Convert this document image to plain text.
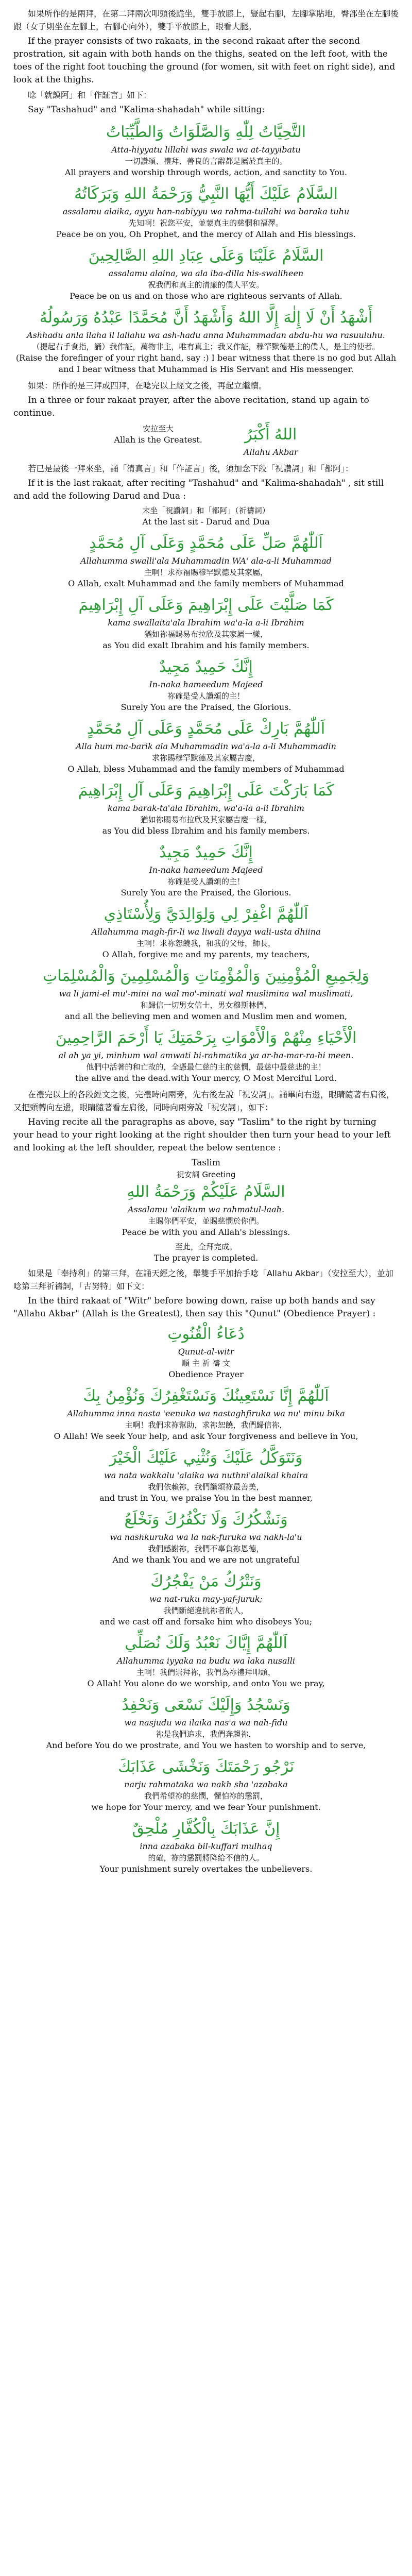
如果所作的是兩拜，在第二拜兩次叩頭後跪坐，雙手放膝上，豎起右腳，左腳掌貼地，臀部坐在左腳後跟（女子則坐在左腳上，右腳心向外），雙手平放膝上，眼看大腿。

If the prayer consists of two rakaats, in the second rakaat after the second prostration, sit again with both hands on the thighs, seated on the left foot, with the toes of the right foot touching the ground (for women, sit with feet on right side), and look at the thighs.

唸「就謨阿」和「作証言」如下：

Say "Tashahud" and "Kalima-shahadah" while sitting:

التَّحِيَّاتُ لِلّٰهِ وَالصَّلَوَاتُ وَالطَّيِّبَاتُ

Atta-hiyyatu lillahi was swala wa at-tayyibatu

一切讚頌、禮拜、善良的言辭都是屬於真主的。

All prayers and worship through words, action, and sanctity to You.

السَّلَامُ عَلَيْكَ أَيُّهَا النَّبِيُّ وَرَحْمَةُ اللهِ وَبَرَكَاتُهُ

assalamu alaika, ayyu han-nabiyyu wa rahma-tullahi wa baraka tuhu

先知啊！祝您平安，並蒙真主的慈憫和福澤。

Peace be on you, Oh Prophet, and the mercy of Allah and His blessings.

السَّلَامُ عَلَيْنَا وَعَلَى عِبَادِ اللهِ الصَّالِحِينَ

assalamu alaina, wa ala iba-dilla his-swaliheen

祝我們和真主的清廉的僕人平安。

Peace be on us and on those who are righteous servants of Allah.

أَشْهَدُ أَنْ لَا إِلٰهَ إِلَّا اللهُ وَأَشْهَدُ أَنَّ مُحَمَّدًا عَبْدُهُ وَرَسُولُهُ

Ashhadu anla ilaha il lallahu wa ash-hadu anna Muhammadan abdu-hu wa rasuuluhu.

（提起右手食指，誦）我作証，萬物非主，唯有真主；我又作証，穆罕默德是主的僕人，是主的使者。

(Raise the forefinger of your right hand, say :) I bear witness that there is no god but Allah and I bear witness that Muhammad is His Servant and His messenger.

如果：所作的是三拜或四拜，在唸完以上經文之後，再起立繼續。

In a three or four rakaat prayer, after the above recitation, stand up again to continue.

安拉至大

Allah is the Greatest.	اللهُ أَكْبَرُ

Allahu Akbar

若已是最後一拜來坐，誦「清真言」和「作証言」後，須加念下段「祝讚詞」和「都阿」：

If it is the last rakaat, after reciting "Tashahud" and "Kalima-shahadah" , sit still and add the following Darud and Dua :

末坐「祝讚詞」和「都阿」（祈禱詞）

At the last sit - Darud and Dua

اَللّٰهُمَّ صَلِّ عَلَى مُحَمَّدٍ وَعَلَى آلِ مُحَمَّدٍ

Allahumma swalli'ala Muhammadin WA' ala-a-li Muhammad

主啊！求祢福賜穆罕默德及其家屬，

O Allah, exalt Muhammad and the family members of Muhammad

كَمَا صَلَّيْتَ عَلَى إِبْرَاهِيمَ وَعَلَى آلِ إِبْرَاهِيمَ

kama swallaita'ala Ibrahim wa'a-la a-li Ibrahim

猶如祢福賜易布拉欣及其家屬一樣，

as You did exalt Ibrahim and his family members.

إِنَّكَ حَمِيدٌ مَجِيدٌ

In-naka hameedum Majeed

祢確是受人讚頌的主！

Surely You are the Praised, the Glorious.

اَللّٰهُمَّ بَارِكْ عَلَى مُحَمَّدٍ وَعَلَى آلِ مُحَمَّدٍ

Alla hum ma-barik ala Muhammadin wa'a-la a-li Muhammadin

求祢賜穆罕默德及其家屬吉慶，

O Allah, bless Muhammad and the family members of Muhammad

كَمَا بَارَكْتَ عَلَى إِبْرَاهِيمَ وَعَلَى آلِ إِبْرَاهِيمَ

kama barak-ta'ala Ibrahim, wa'a-la a-li Ibrahim

猶如祢賜易布拉欣及其家屬吉慶一樣，

as You did bless Ibrahim and his family members.

إِنَّكَ حَمِيدٌ مَجِيدٌ

In-naka hameedum Majeed

祢確是受人讚頌的主！

Surely You are the Praised, the Glorious.

اَللّٰهُمَّ اغْفِرْ لِي وَلِوَالِدَيَّ وَلِأُسْتَاذِي

Allahumma magh-fir-li wa liwali dayya wali-usta dhiina

主啊！求祢恕饒我，和我的父母，師長，

O Allah, forgive me and my parents, my teachers,

وَلِجَمِيعِ الْمُؤْمِنِينَ وَالْمُؤْمِنَاتِ وَالْمُسْلِمِينَ وَالْمُسْلِمَاتِ

wa li jami-el mu'-mini na wal mo'-minati wal muslimina wal muslimati,

和歸信一切男女信士，男女穆斯林們，

and all the believing men and women and Muslim men and women,

الْأَحْيَاءِ مِنْهُمْ وَالْأَمْوَاتِ بِرَحْمَتِكَ يَا أَرْحَمَ الرَّاحِمِينَ

al ah ya yi, minhum wal amwati bi-rahmatika ya ar-ha-mar-ra-hi meen.

他們中活著的和亡故的，全憑最仁慈的主的慈憫，最慈中最慈悲的主！

the alive and the dead.with Your mercy, O Most Merciful Lord.

在禮完以上的各段經文之後，完禮時向兩旁，先右後左說「祝安詞」。誦畢向右邊，眼睛隨著右肩後，又把頭轉向左邊，眼睛隨著看左肩後，同時向兩旁說「祝安詞」，如下：

Having recite all the paragraphs as above, say "Taslim" to the right by turning your head to your right looking at the right shoulder then turn your head to your left and looking at the left shoulder, repeat the below sentence :

Taslim

祝安詞 Greeting

السَّلَامُ عَلَيْكُمْ وَرَحْمَةُ اللهِ

Assalamu 'alaikum wa rahmatul-laah.

主賜你們平安，並賜慈憫於你們。

Peace be with you and Allah's blessings.

至此，全拜完成。

The prayer is completed.

如果是「奉持利」的第三拜，在誦天經之後，舉雙手平加抬手唸「Allahu Akbar」（安拉至大），並加唸第三拜祈禱詞，「古努特」如下文：

In the third rakaat of "Witr" before bowing down, raise up both hands and say "Allahu Akbar" (Allah is the Greatest), then say this "Qunut" (Obedience Prayer) :

دُعَاءُ الْقُنُوتِ

Qunut-al-witr

順 主 祈 禱 文

Obedience Prayer

اَللّٰهُمَّ إِنَّا نَسْتَعِينُكَ وَنَسْتَغْفِرُكَ وَنُؤْمِنُ بِكَ

Allahumma inna nasta 'eenuka wa nastaghfiruka wa nu' minu bika

主啊！我們求祢幫助，求祢恕饒，我們歸信祢，

O Allah! We seek Your help, and ask Your forgiveness and believe in You,

وَنَتَوَكَّلُ عَلَيْكَ وَنُثْنِي عَلَيْكَ الْخَيْرَ

wa nata wakkalu 'alaika wa nuthni'alaikal khaira

我們依賴祢，我們讚頌祢最善美，

and trust in You, we praise You in the best manner,

وَنَشْكُرُكَ وَلَا نَكْفُرُكَ وَنَخْلَعُ

wa nashkuruka wa la nak-furuka wa nakh-la'u

我們感謝祢，我們不辜負祢恩德，

And we thank You and we are not ungrateful

وَنَتْرُكُ مَنْ يَفْجُرُكَ

wa nat-ruku may-yaf-juruk;

我們斷絕違抗祢者的人，

and we cast off and forsake him who disobeys You;

اَللّٰهُمَّ إِيَّاكَ نَعْبُدُ وَلَكَ نُصَلِّي

Allahumma iyyaka na budu wa laka nusalli

主啊！我們崇拜祢，我們為祢禮拜叩頭，

O Allah! You alone do we worship, and onto You we pray,

وَنَسْجُدُ وَإِلَيْكَ نَسْعَى وَنَحْفِدُ

wa nasjudu wa ilaika nas'a wa nah-fidu

祢是我們追求，我們奔趨祢，

And before You do we prostrate, and You we hasten to worship and to serve,

نَرْجُو رَحْمَتَكَ وَنَخْشَى عَذَابَكَ

narju rahmataka wa nakh sha 'azabaka

我們希望祢的慈憫，懼怕祢的懲罰，

we hope for Your mercy, and we fear Your punishment.

إِنَّ عَذَابَكَ بِالْكُفَّارِ مُلْحِقٌ

inna azabaka bil-kuffari mulhaq

的確，祢的懲罰將降給不信的人。

Your punishment surely overtakes the unbelievers.
